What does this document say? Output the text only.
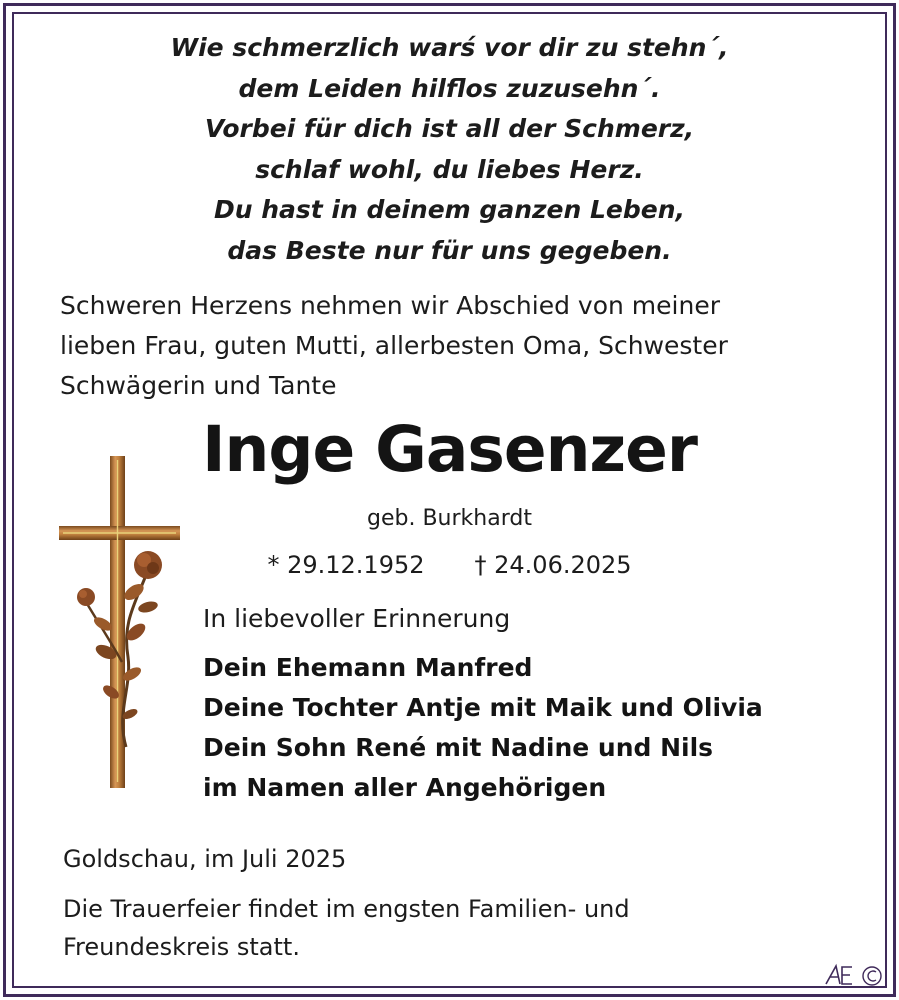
Wie schmerzlich warś vor dir zu stehn´,
dem Leiden hilflos zuzusehn´.
Vorbei für dich ist all der Schmerz,
schlaf wohl, du liebes Herz.
Du hast in deinem ganzen Leben,
das Beste nur für uns gegeben.
Schweren Herzens nehmen wir Abschied von meiner
lieben Frau, guten Mutti, allerbesten Oma, Schwester
Schwägerin und Tante
Inge Gasenzer
geb. Burkhardt
* 29.12.1952 † 24.06.2025
In liebevoller Erinnerung
Dein Ehemann Manfred
Deine Tochter Antje mit Maik und Olivia
Dein Sohn René mit Nadine und Nils
im Namen aller Angehörigen
Goldschau, im Juli 2025
Die Trauerfeier findet im engsten Familien- und
Freundeskreis statt.
